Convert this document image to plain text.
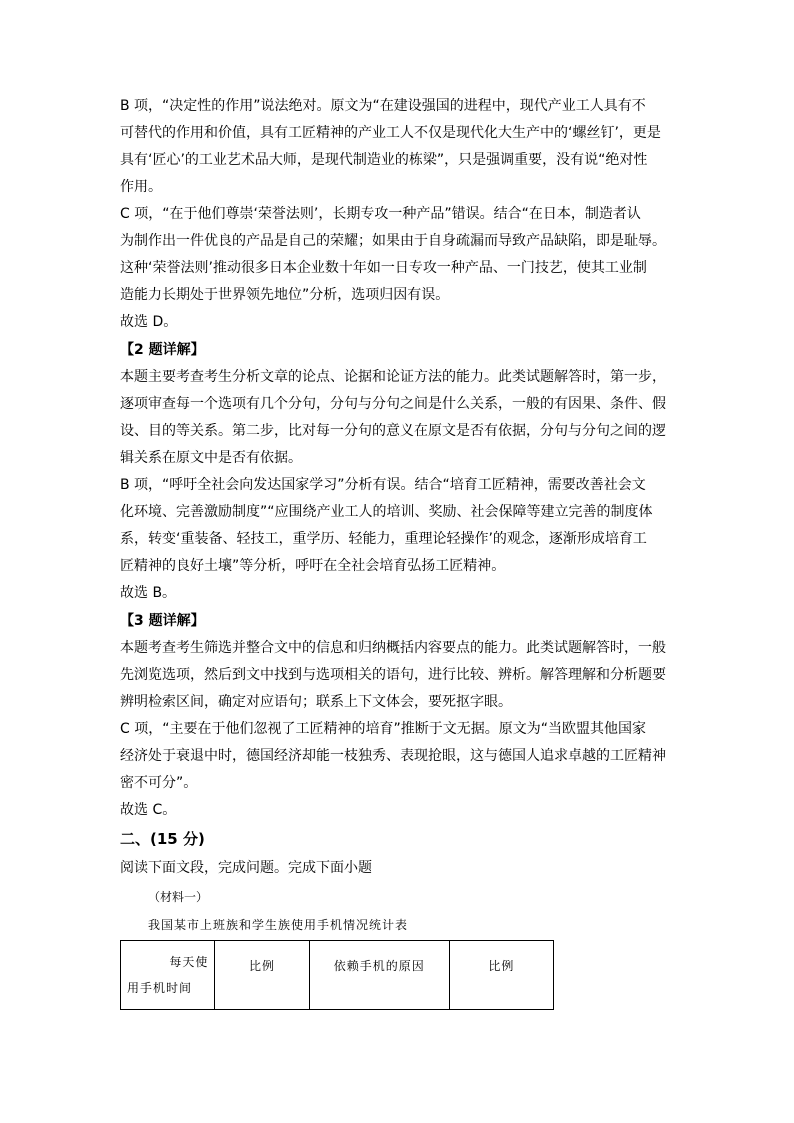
B 项，“决定性的作用”说法绝对。原文为“在建设强国的进程中，现代产业工人具有不
可替代的作用和价值，具有工匠精神的产业工人不仅是现代化大生产中的‘螺丝钉’，更是
具有‘匠心’的工业艺术品大师，是现代制造业的栋梁”，只是强调重要，没有说“绝对性
作用。
C 项，“在于他们尊崇‘荣誉法则’，长期专攻一种产品”错误。结合“在日本，制造者认
为制作出一件优良的产品是自己的荣耀；如果由于自身疏漏而导致产品缺陷，即是耻辱。
这种‘荣誉法则’推动很多日本企业数十年如一日专攻一种产品、一门技艺，使其工业制
造能力长期处于世界领先地位”分析，选项归因有误。
故选 D。
【2 题详解】
本题主要考查考生分析文章的论点、论据和论证方法的能力。此类试题解答时，第一步，
逐项审查每一个选项有几个分句，分句与分句之间是什么关系，一般的有因果、条件、假
设、目的等关系。第二步，比对每一分句的意义在原文是否有依据，分句与分句之间的逻
辑关系在原文中是否有依据。
B 项，“呼吁全社会向发达国家学习”分析有误。结合“培育工匠精神，需要改善社会文
化环境、完善激励制度”“应围绕产业工人的培训、奖励、社会保障等建立完善的制度体
系，转变‘重装备、轻技工，重学历、轻能力，重理论轻操作’的观念，逐渐形成培育工
匠精神的良好土壤”等分析，呼吁在全社会培育弘扬工匠精神。
故选 B。
【3 题详解】
本题考查考生筛选并整合文中的信息和归纳概括内容要点的能力。此类试题解答时，一般
先浏览选项，然后到文中找到与选项相关的语句，进行比较、辨析。解答理解和分析题要
辨明检索区间，确定对应语句；联系上下文体会，要死抠字眼。
C 项，“主要在于他们忽视了工匠精神的培育”推断于文无据。原文为“当欧盟其他国家
经济处于衰退中时，德国经济却能一枝独秀、表现抢眼，这与德国人追求卓越的工匠精神
密不可分”。
故选 C。
二、(15 分)
阅读下面文段，完成问题。完成下面小题
（材料一）
我国某市上班族和学生族使用手机情况统计表
每天使
用手机时间

比例	依赖手机的原因	比例
